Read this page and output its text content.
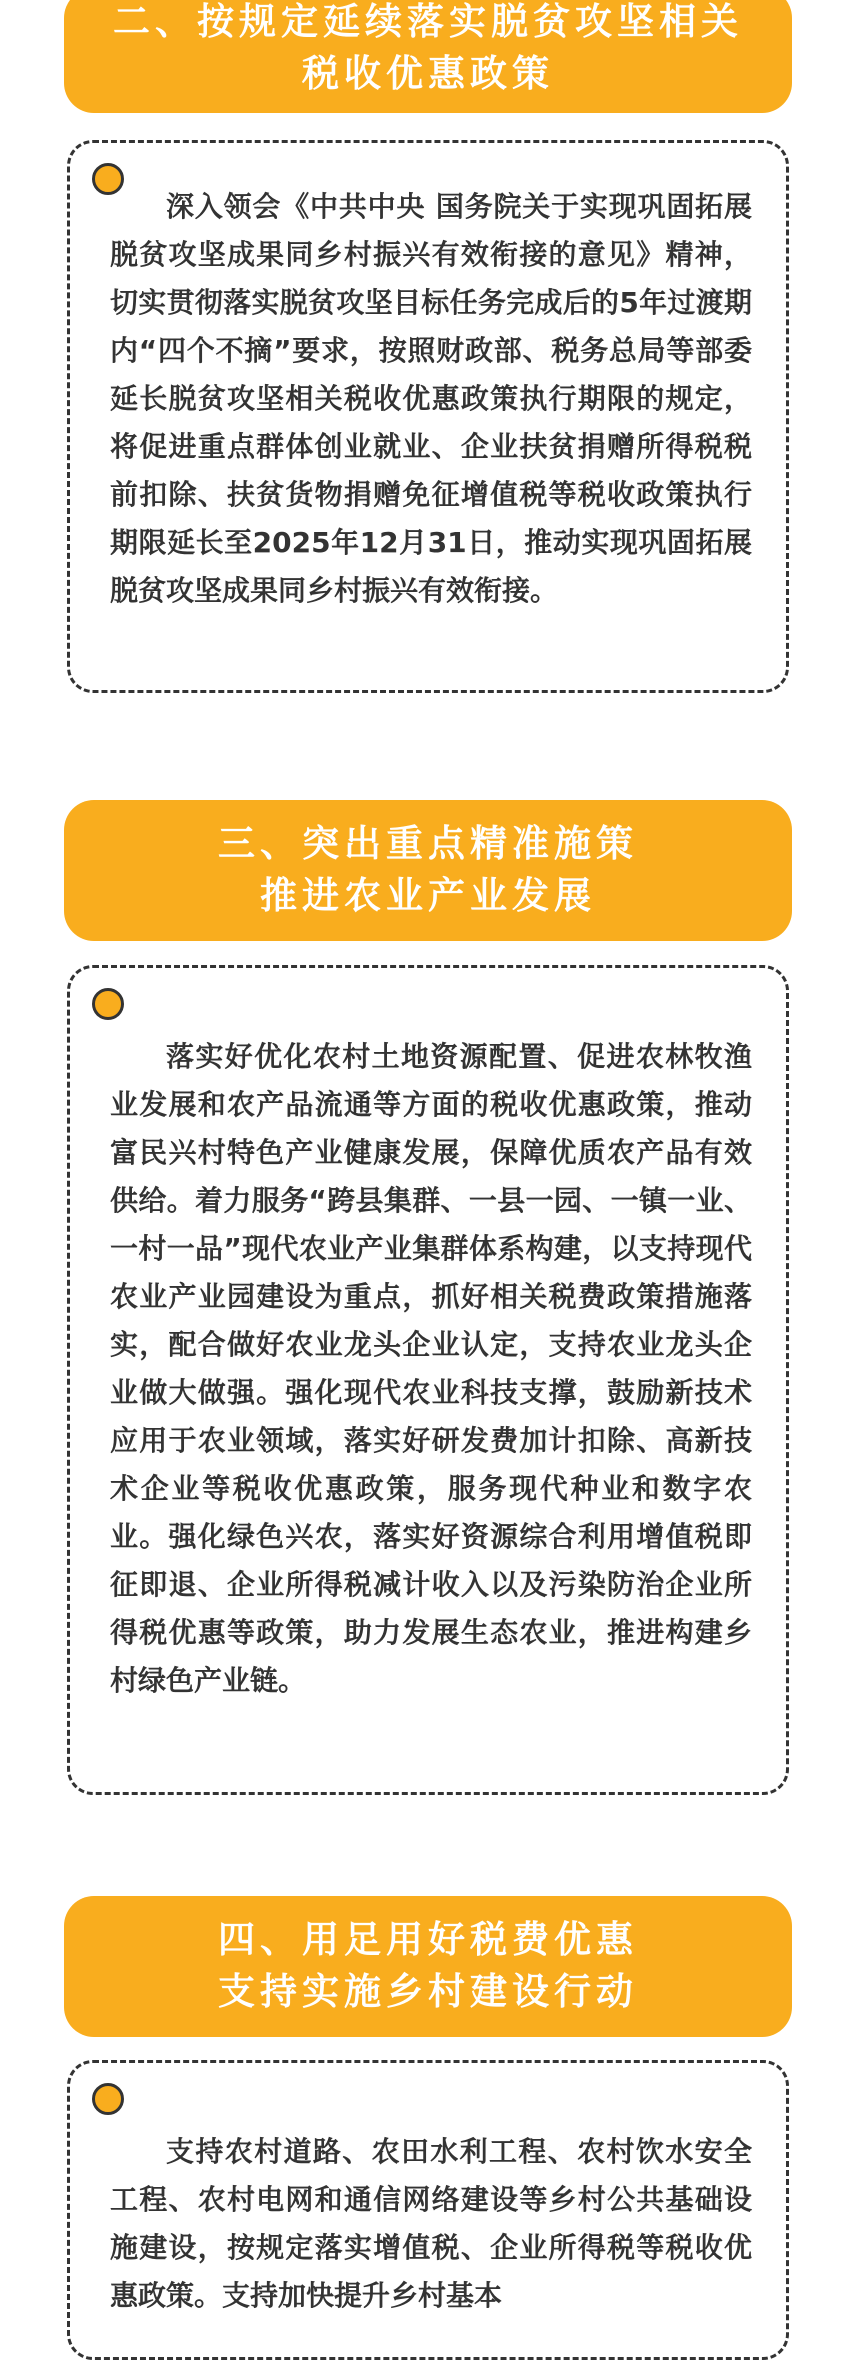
二、按规定延续落实脱贫攻坚相关
税收优惠政策

深入领会《中共中央 国务院关于实现巩固拓展脱贫攻坚成果同乡村振兴有效衔接的意见》精神，切实贯彻落实脱贫攻坚目标任务完成后的5年过渡期内“四个不摘”要求，按照财政部、税务总局等部委延长脱贫攻坚相关税收优惠政策执行期限的规定，将促进重点群体创业就业、企业扶贫捐赠所得税税前扣除、扶贫货物捐赠免征增值税等税收政策执行期限延长至2025年12月31日，推动实现巩固拓展脱贫攻坚成果同乡村振兴有效衔接。

三、突出重点精准施策
推进农业产业发展

落实好优化农村土地资源配置、促进农林牧渔业发展和农产品流通等方面的税收优惠政策，推动富民兴村特色产业健康发展，保障优质农产品有效供给。着力服务“跨县集群、一县一园、一镇一业、一村一品”现代农业产业集群体系构建，以支持现代农业产业园建设为重点，抓好相关税费政策措施落实，配合做好农业龙头企业认定，支持农业龙头企业做大做强。强化现代农业科技支撑，鼓励新技术应用于农业领域，落实好研发费加计扣除、高新技术企业等税收优惠政策，服务现代种业和数字农业。强化绿色兴农，落实好资源综合利用增值税即征即退、企业所得税减计收入以及污染防治企业所得税优惠等政策，助力发展生态农业，推进构建乡村绿色产业链。

四、用足用好税费优惠
支持实施乡村建设行动

支持农村道路、农田水利工程、农村饮水安全工程、农村电网和通信网络建设等乡村公共基础设施建设，按规定落实增值税、企业所得税等税收优惠政策。支持加快提升乡村基本
